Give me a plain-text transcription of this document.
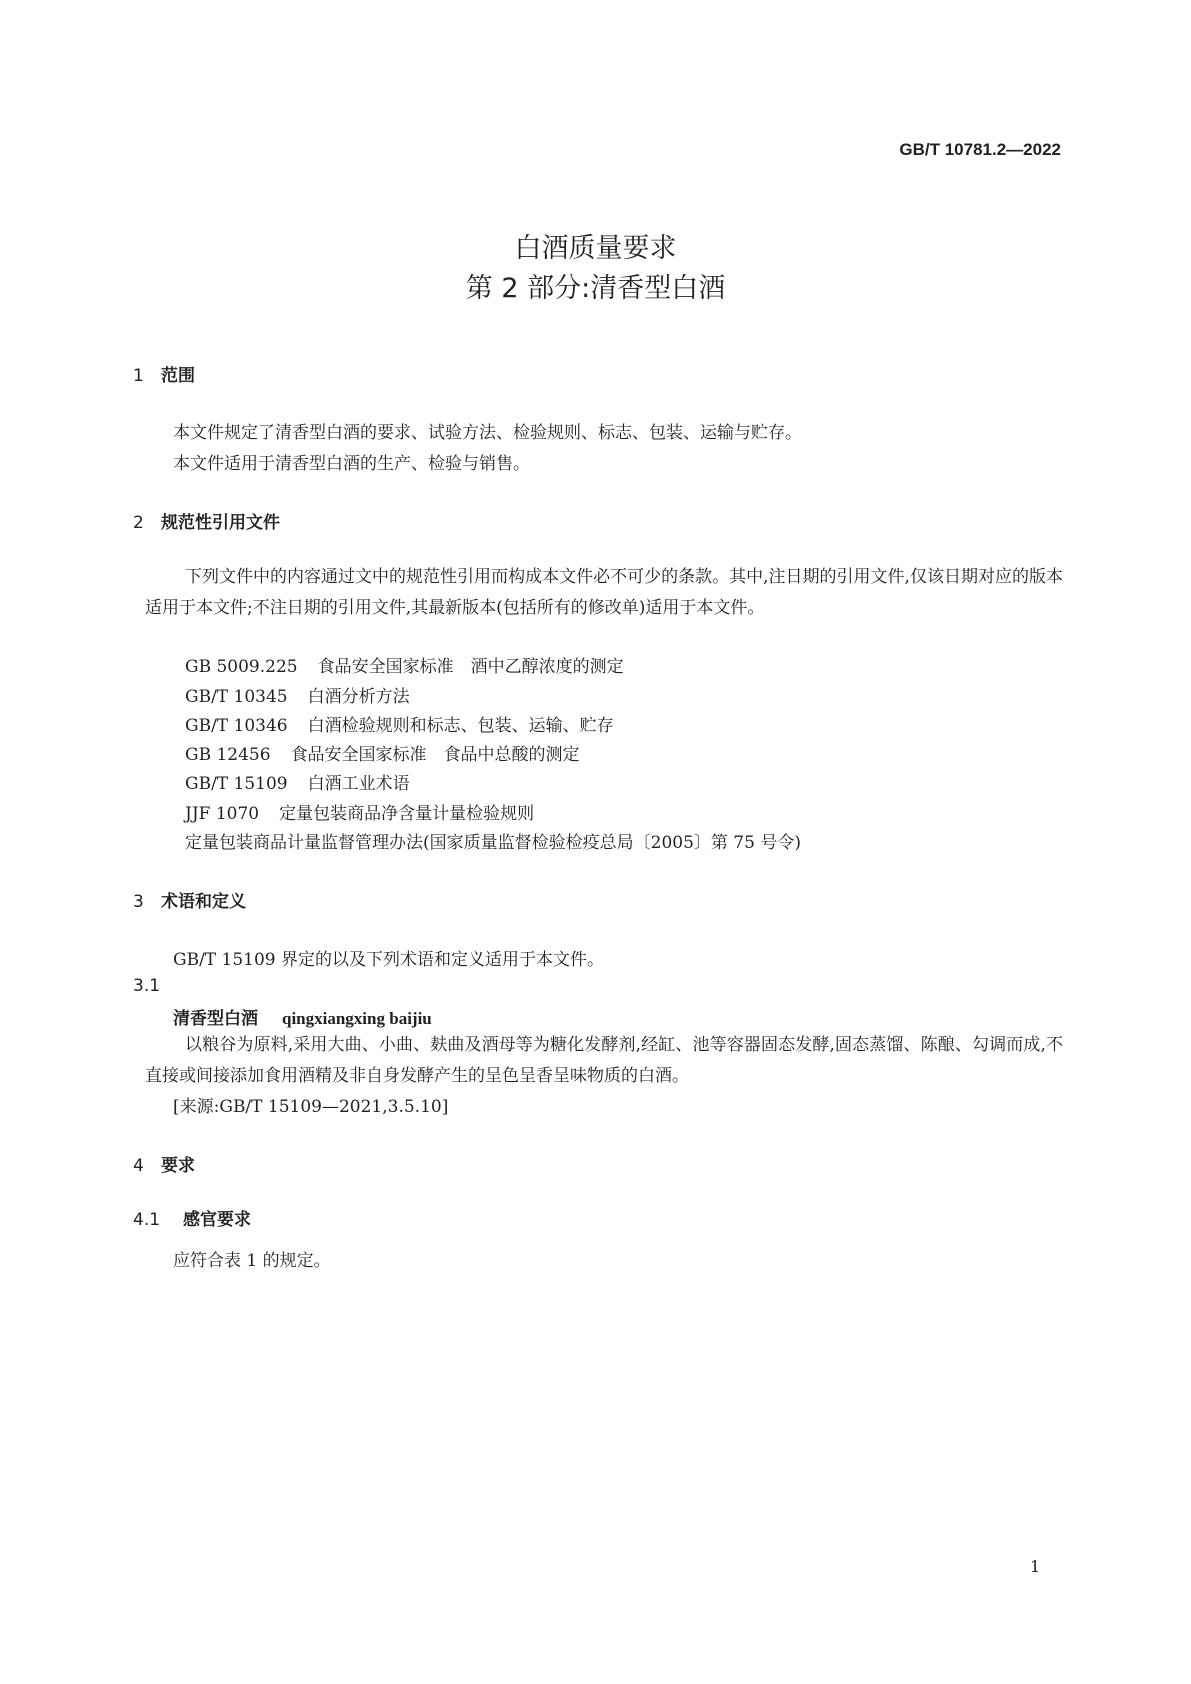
GB/T 10781.2—2022
白酒质量要求
第 2 部分:清香型白酒
1 范围
本文件规定了清香型白酒的要求、试验方法、检验规则、标志、包装、运输与贮存。
本文件适用于清香型白酒的生产、检验与销售。
2 规范性引用文件
下列文件中的内容通过文中的规范性引用而构成本文件必不可少的条款。其中,注日期的引用文件,仅该日期对应的版本适用于本文件;不注日期的引用文件,其最新版本(包括所有的修改单)适用于本文件。
GB 5009.225 食品安全国家标准　酒中乙醇浓度的测定
GB/T 10345 白酒分析方法
GB/T 10346 白酒检验规则和标志、包装、运输、贮存
GB 12456 食品安全国家标准　食品中总酸的测定
GB/T 15109 白酒工业术语
JJF 1070 定量包装商品净含量计量检验规则
定量包装商品计量监督管理办法(国家质量监督检验检疫总局〔2005〕第 75 号令)
3 术语和定义
GB/T 15109 界定的以及下列术语和定义适用于本文件。
3.1
清香型白酒 qingxiangxing baijiu
以粮谷为原料,采用大曲、小曲、麸曲及酒母等为糖化发酵剂,经缸、池等容器固态发酵,固态蒸馏、陈酿、勾调而成,不直接或间接添加食用酒精及非自身发酵产生的呈色呈香呈味物质的白酒。
[来源:GB/T 15109—2021,3.5.10]
4 要求
4.1 感官要求
应符合表 1 的规定。
1
